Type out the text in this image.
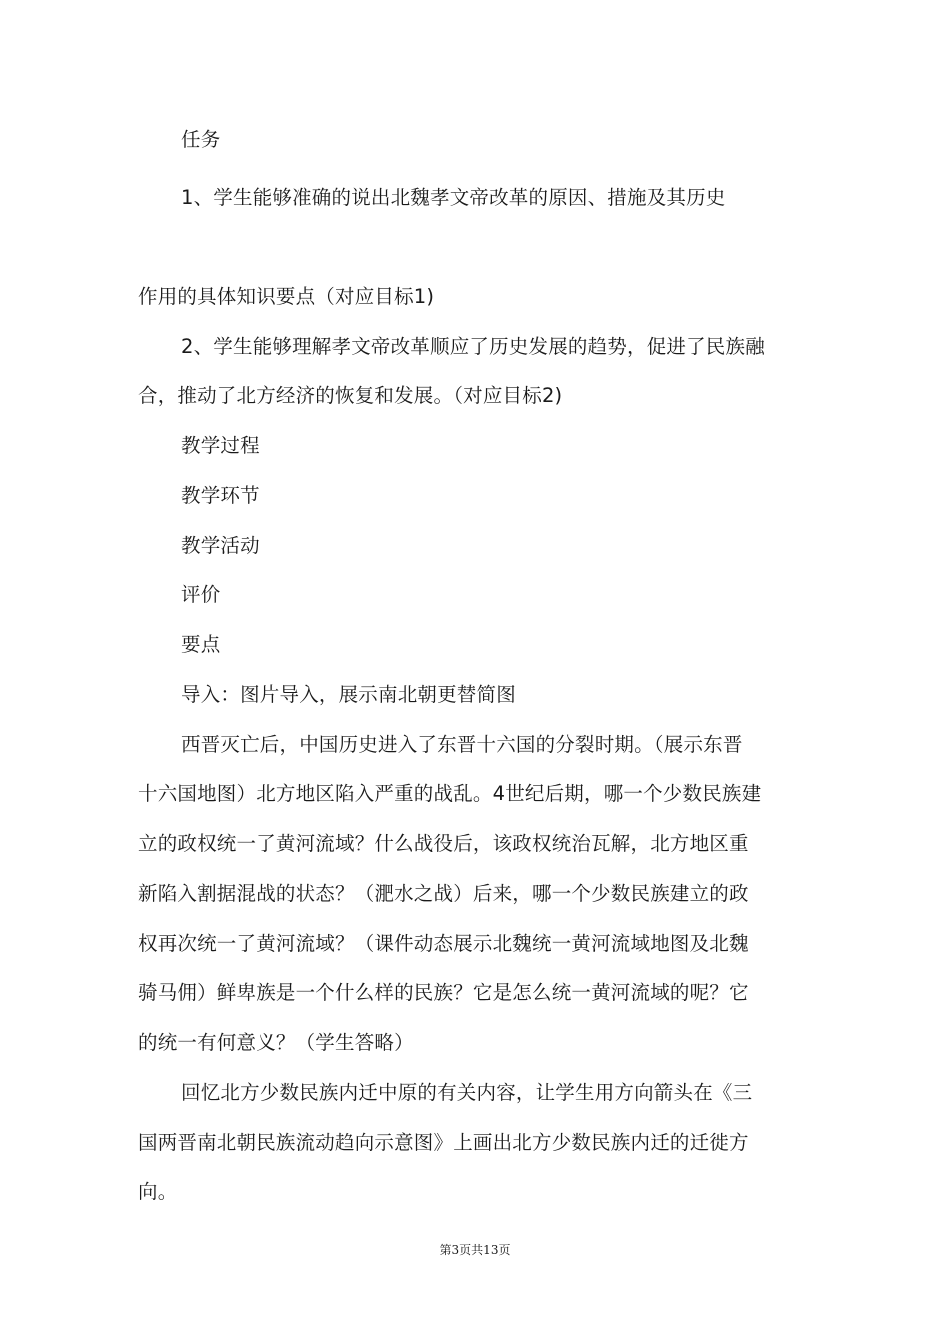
任务
1、学生能够准确的说出北魏孝文帝改革的原因、措施及其历史
作用的具体知识要点（对应目标1)
2、学生能够理解孝文帝改革顺应了历史发展的趋势，促进了民族融
合，推动了北方经济的恢复和发展。（对应目标2)
教学过程
教学环节
教学活动
评价
要点
导入：图片导入，展示南北朝更替简图
西晋灭亡后，中国历史进入了东晋十六国的分裂时期。（展示东晋
十六国地图）北方地区陷入严重的战乱。4世纪后期，哪一个少数民族建
立的政权统一了黄河流域？什么战役后，该政权统治瓦解，北方地区重
新陷入割据混战的状态？（淝水之战）后来，哪一个少数民族建立的政
权再次统一了黄河流域？（课件动态展示北魏统一黄河流域地图及北魏
骑马佣）鲜卑族是一个什么样的民族？它是怎么统一黄河流域的呢？它
的统一有何意义？（学生答略）
回忆北方少数民族内迁中原的有关内容，让学生用方向箭头在《三
国两晋南北朝民族流动趋向示意图》上画出北方少数民族内迁的迁徙方
向。
第3页共13页
